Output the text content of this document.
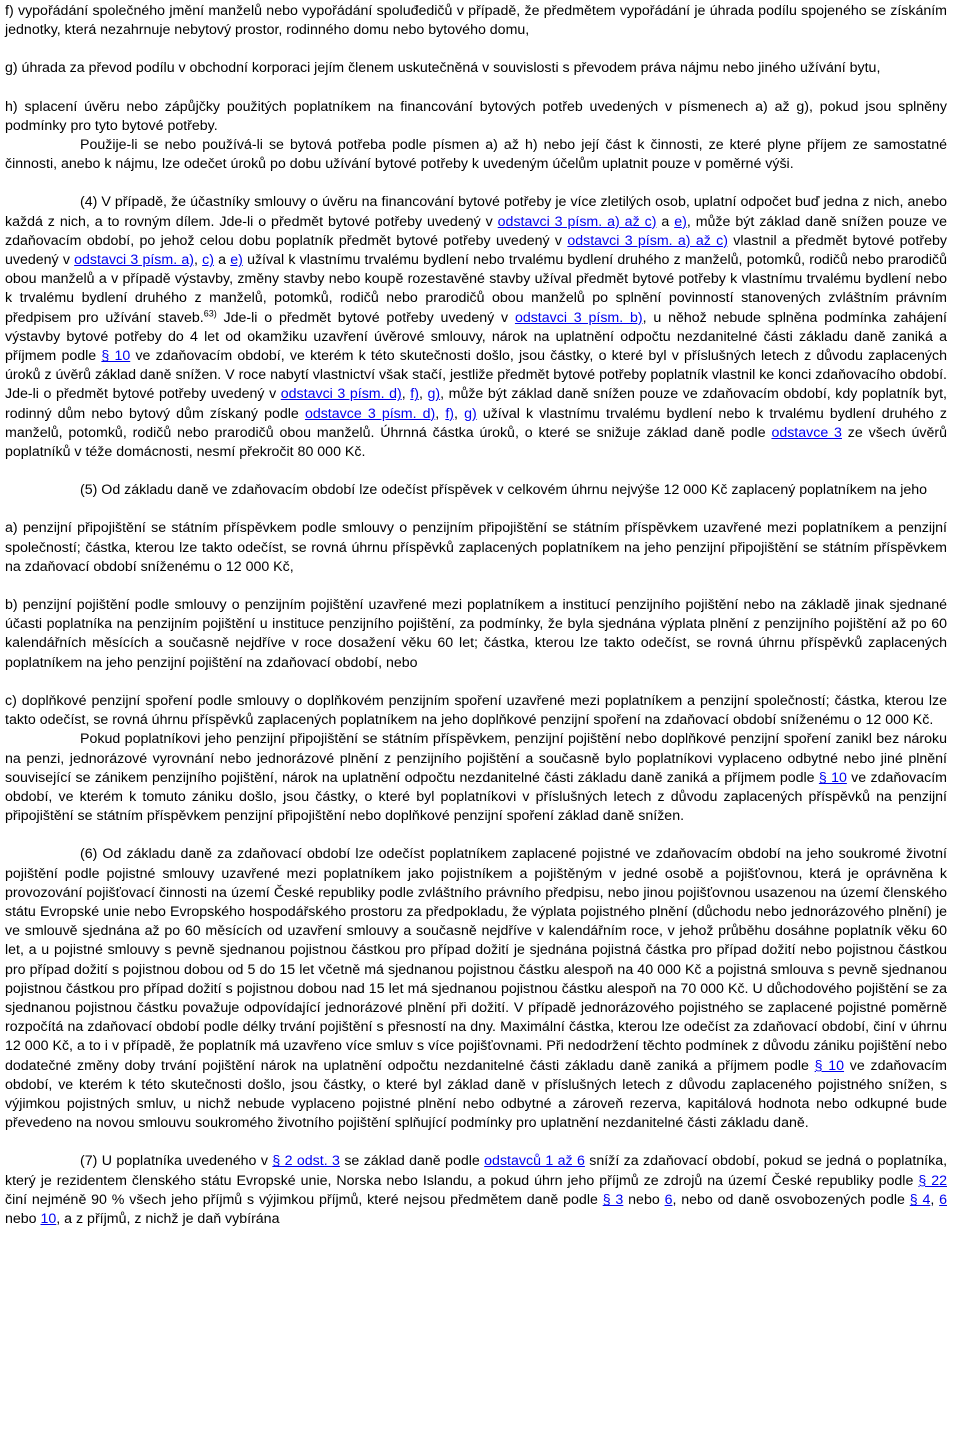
f) vypořádání společného jmění manželů nebo vypořádání spoluđedičů v případě, že předmětem vypořádání je úhrada podílu spojeného se získáním jednotky, která nezahrnuje nebytový prostor, rodinného domu nebo bytového domu,

g) úhrada za převod podílu v obchodní korporaci jejím členem uskutečněná v souvislosti s převodem práva nájmu nebo jiného užívání bytu,

h) splacení úvěru nebo zápůjčky použitých poplatníkem na financování bytových potřeb uvedených v písmenech a) až g), pokud jsou splněny podmínky pro tyto bytové potřeby.

Použije-li se nebo používá-li se bytová potřeba podle písmen a) až h) nebo její část k činnosti, ze které plyne příjem ze samostatné činnosti, anebo k nájmu, lze odečet úroků po dobu užívání bytové potřeby k uvedeným účelům uplatnit pouze v poměrné výši.

(4) V případě, že účastníky smlouvy o úvěru na financování bytové potřeby je více zletilých osob, uplatní odpočet buď jedna z nich, anebo každá z nich, a to rovným dílem. Jde-li o předmět bytové potřeby uvedený v odstavci 3 písm. a) až c) a e), může být základ daně snížen pouze ve zdaňovacím období, po jehož celou dobu poplatník předmět bytové potřeby uvedený v odstavci 3 písm. a) až c) vlastnil a předmět bytové potřeby uvedený v odstavci 3 písm. a), c) a e) užíval k vlastnímu trvalému bydlení nebo trvalému bydlení druhého z manželů, potomků, rodičů nebo prarodičů obou manželů a v případě výstavby, změny stavby nebo koupě rozestavěné stavby užíval předmět bytové potřeby k vlastnímu trvalému bydlení nebo k trvalému bydlení druhého z manželů, potomků, rodičů nebo prarodičů obou manželů po splnění povinností stanovených zvláštním právním předpisem pro užívání staveb.$^{63)}$ Jde-li o předmět bytové potřeby uvedený v odstavci 3 písm. b), u něhož nebude splněna podmínka zahájení výstavby bytové potřeby do 4 let od okamžiku uzavření úvěrové smlouvy, nárok na uplatnění odpočtu nezdanitelné části základu daně zaniká a příjmem podle § 10 ve zdaňovacím období, ve kterém k této skutečnosti došlo, jsou částky, o které byl v příslušných letech z důvodu zaplacených úroků z úvěrů základ daně snížen. V roce nabytí vlastnictví však stačí, jestliže předmět bytové potřeby poplatník vlastnil ke konci zdaňovacího období. Jde-li o předmět bytové potřeby uvedený v odstavci 3 písm. d), f), g), může být základ daně snížen pouze ve zdaňovacím období, kdy poplatník byt, rodinný dům nebo bytový dům získaný podle odstavce 3 písm. d), f), g) užíval k vlastnímu trvalému bydlení nebo k trvalému bydlení druhého z manželů, potomků, rodičů nebo prarodičů obou manželů. Úhrnná částka úroků, o které se snižuje základ daně podle odstavce 3 ze všech úvěrů poplatníků v téže domácnosti, nesmí překročit 80 000 Kč.

(5) Od základu daně ve zdaňovacím období lze odečíst příspěvek v celkovém úhrnu nejvýše 12 000 Kč zaplacený poplatníkem na jeho

a) penzijní připojištění se státním příspěvkem podle smlouvy o penzijním připojištění se státním příspěvkem uzavřené mezi poplatníkem a penzijní společností; částka, kterou lze takto odečíst, se rovná úhrnu příspěvků zaplacených poplatníkem na jeho penzijní připojištění se státním příspěvkem na zdaňovací období sníženému o 12 000 Kč,

b) penzijní pojištění podle smlouvy o penzijním pojištění uzavřené mezi poplatníkem a institucí penzijního pojištění nebo na základě jinak sjednané účasti poplatníka na penzijním pojištění u instituce penzijního pojištění, za podmínky, že byla sjednána výplata plnění z penzijního pojištění až po 60 kalendářních měsících a současně nejdříve v roce dosažení věku 60 let; částka, kterou lze takto odečíst, se rovná úhrnu příspěvků zaplacených poplatníkem na jeho penzijní pojištění na zdaňovací období, nebo

c) doplňkové penzijní spoření podle smlouvy o doplňkovém penzijním spoření uzavřené mezi poplatníkem a penzijní společností; částka, kterou lze takto odečíst, se rovná úhrnu příspěvků zaplacených poplatníkem na jeho doplňkové penzijní spoření na zdaňovací období sníženému o 12 000 Kč.

Pokud poplatníkovi jeho penzijní připojištění se státním příspěvkem, penzijní pojištění nebo doplňkové penzijní spoření zanikl bez nároku na penzi, jednorázové vyrovnání nebo jednorázové plnění z penzijního pojištění a současně bylo poplatníkovi vyplaceno odbytné nebo jiné plnění související se zánikem penzijního pojištění, nárok na uplatnění odpočtu nezdanitelné části základu daně zaniká a příjmem podle § 10 ve zdaňovacím období, ve kterém k tomuto zániku došlo, jsou částky, o které byl poplatníkovi v příslušných letech z důvodu zaplacených příspěvků na penzijní připojištění se státním příspěvkem penzijní připojištění nebo doplňkové penzijní spoření základ daně snížen.

(6) Od základu daně za zdaňovací období lze odečíst poplatníkem zaplacené pojistné ve zdaňovacím období na jeho soukromé životní pojištění podle pojistné smlouvy uzavřené mezi poplatníkem jako pojistníkem a pojištěným v jedné osobě a pojišťovnou, která je oprávněna k provozování pojišťovací činnosti na území České republiky podle zvláštního právního předpisu, nebo jinou pojišťovnou usazenou na území členského státu Evropské unie nebo Evropského hospodářského prostoru za předpokladu, že výplata pojistného plnění (důchodu nebo jednorázového plnění) je ve smlouvě sjednána až po 60 měsících od uzavření smlouvy a současně nejdříve v kalendářním roce, v jehož průběhu dosáhne poplatník věku 60 let, a u pojistné smlouvy s pevně sjednanou pojistnou částkou pro případ dožití je sjednána pojistná částka pro případ dožití nebo pojistnou částkou pro případ dožití s pojistnou dobou od 5 do 15 let včetně má sjednanou pojistnou částku alespoň na 40 000 Kč a pojistná smlouva s pevně sjednanou pojistnou částkou pro případ dožití s pojistnou dobou nad 15 let má sjednanou pojistnou částku alespoň na 70 000 Kč. U důchodového pojištění se za sjednanou pojistnou částku považuje odpovídající jednorázové plnění při dožití. V případě jednorázového pojistného se zaplacené pojistné poměrně rozpočítá na zdaňovací období podle délky trvání pojištění s přesností na dny. Maximální částka, kterou lze odečíst za zdaňovací období, činí v úhrnu 12 000 Kč, a to i v případě, že poplatník má uzavřeno více smluv s více pojišťovnami. Při nedodržení těchto podmínek z důvodu zániku pojištění nebo dodatečné změny doby trvání pojištění nárok na uplatnění odpočtu nezdanitelné části základu daně zaniká a příjmem podle § 10 ve zdaňovacím období, ve kterém k této skutečnosti došlo, jsou částky, o které byl základ daně v příslušných letech z důvodu zaplaceného pojistného snížen, s výjimkou pojistných smluv, u nichž nebude vyplaceno pojistné plnění nebo odbytné a zároveň rezerva, kapitálová hodnota nebo odkupné bude převedeno na novou smlouvu soukromého životního pojištění splňující podmínky pro uplatnění nezdanitelné části základu daně.

(7) U poplatníka uvedeného v § 2 odst. 3 se základ daně podle odstavců 1 až 6 sníží za zdaňovací období, pokud se jedná o poplatníka, který je rezidentem členského státu Evropské unie, Norska nebo Islandu, a pokud úhrn jeho příjmů ze zdrojů na území České republiky podle § 22 činí nejméně 90 % všech jeho příjmů s výjimkou příjmů, které nejsou předmětem daně podle § 3 nebo 6, nebo od daně osvobozených podle § 4, 6 nebo 10, a z příjmů, z nichž je daň vybírána
